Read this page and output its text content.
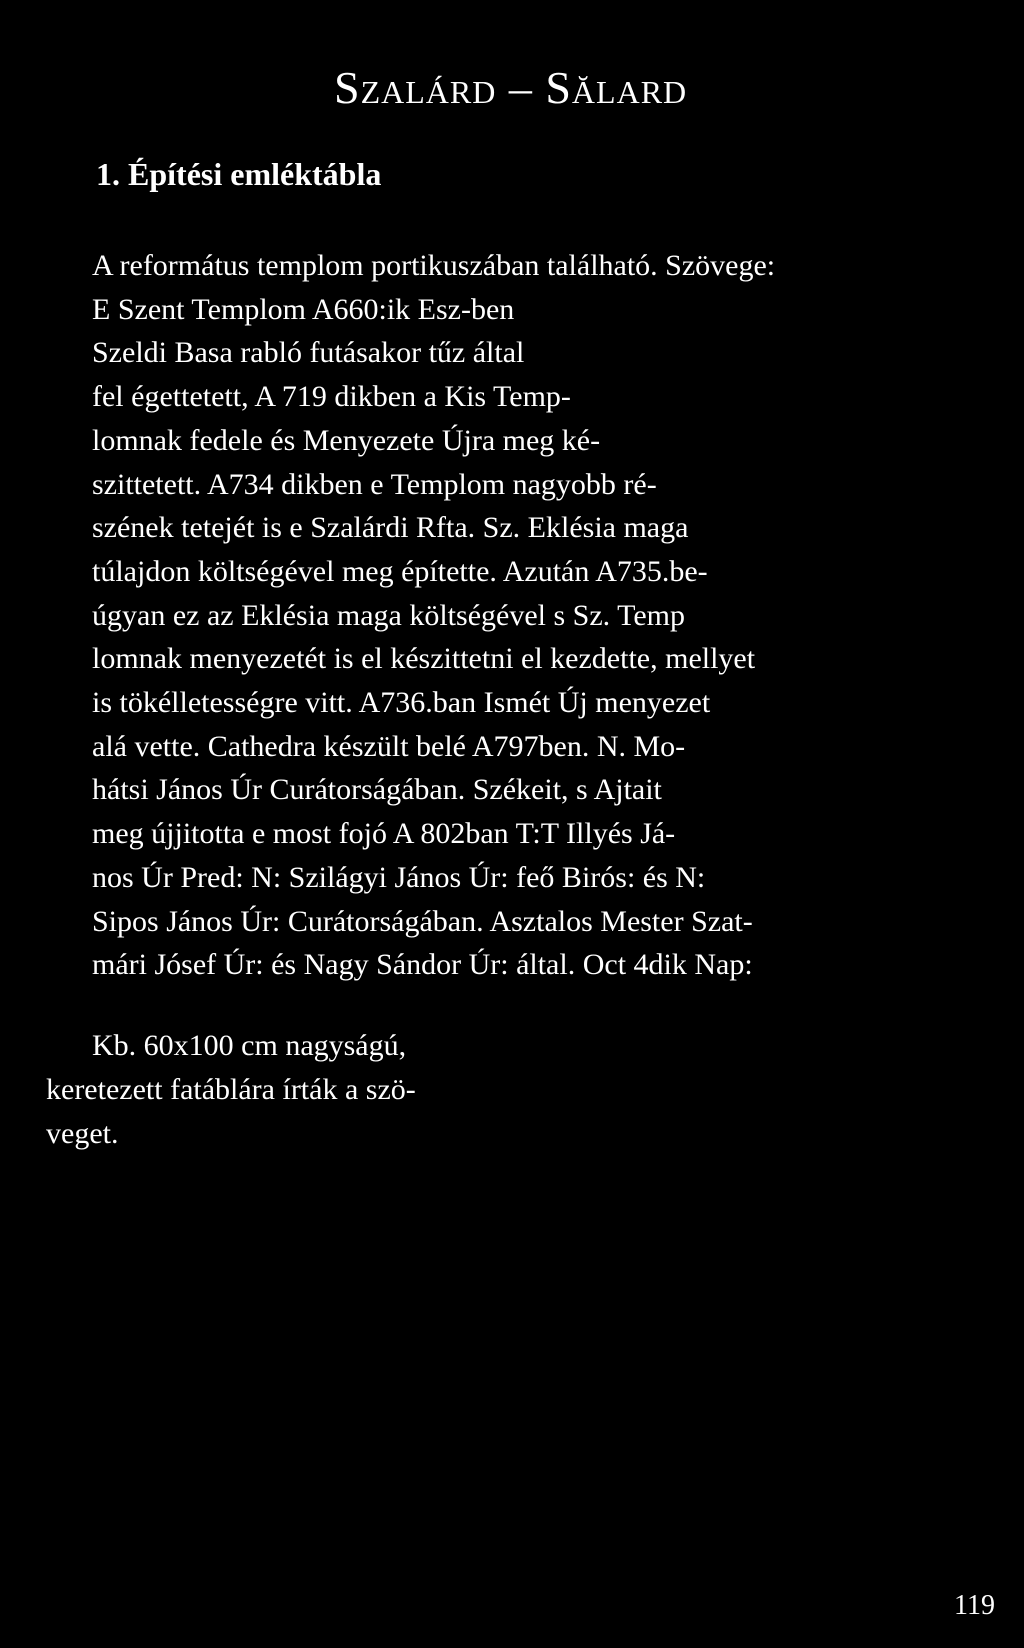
Szalárd – Sălard
1. Építési emléktábla
A református templom portikuszában található. Szövege:
E Szent Templom A660:ik Esz-ben
Szeldi Basa rabló futásakor tűz által
fel égettetett, A 719 dikben a Kis Temp-
lomnak fedele és Menyezete Újra meg ké-
szittetett. A734 dikben e Templom nagyobb ré-
szének tetejét is e Szalárdi Rfta. Sz. Eklésia maga
túlajdon költségével meg építette. Azután A735.be-
úgyan ez az Eklésia maga költségével s Sz. Temp
lomnak menyezetét is el készittetni el kezdette, mellyet
is tökélletességre vitt. A736.ban Ismét Új menyezet
alá vette. Cathedra készült belé A797ben. N. Mo-
hátsi János Úr Curátorságában. Székeit, s Ajtait
meg újjitotta e most fojó A 802ban T:T Illyés Já-
nos Úr Pred: N: Szilágyi János Úr: feő Birós: és N:
Sipos János Úr: Curátorságában. Asztalos Mester Szat-
mári Jósef Úr: és Nagy Sándor Úr: által. Oct 4dik Nap:
Kb. 60x100 cm nagyságú,
keretezett fatáblára írták a szö-
veget.
119
